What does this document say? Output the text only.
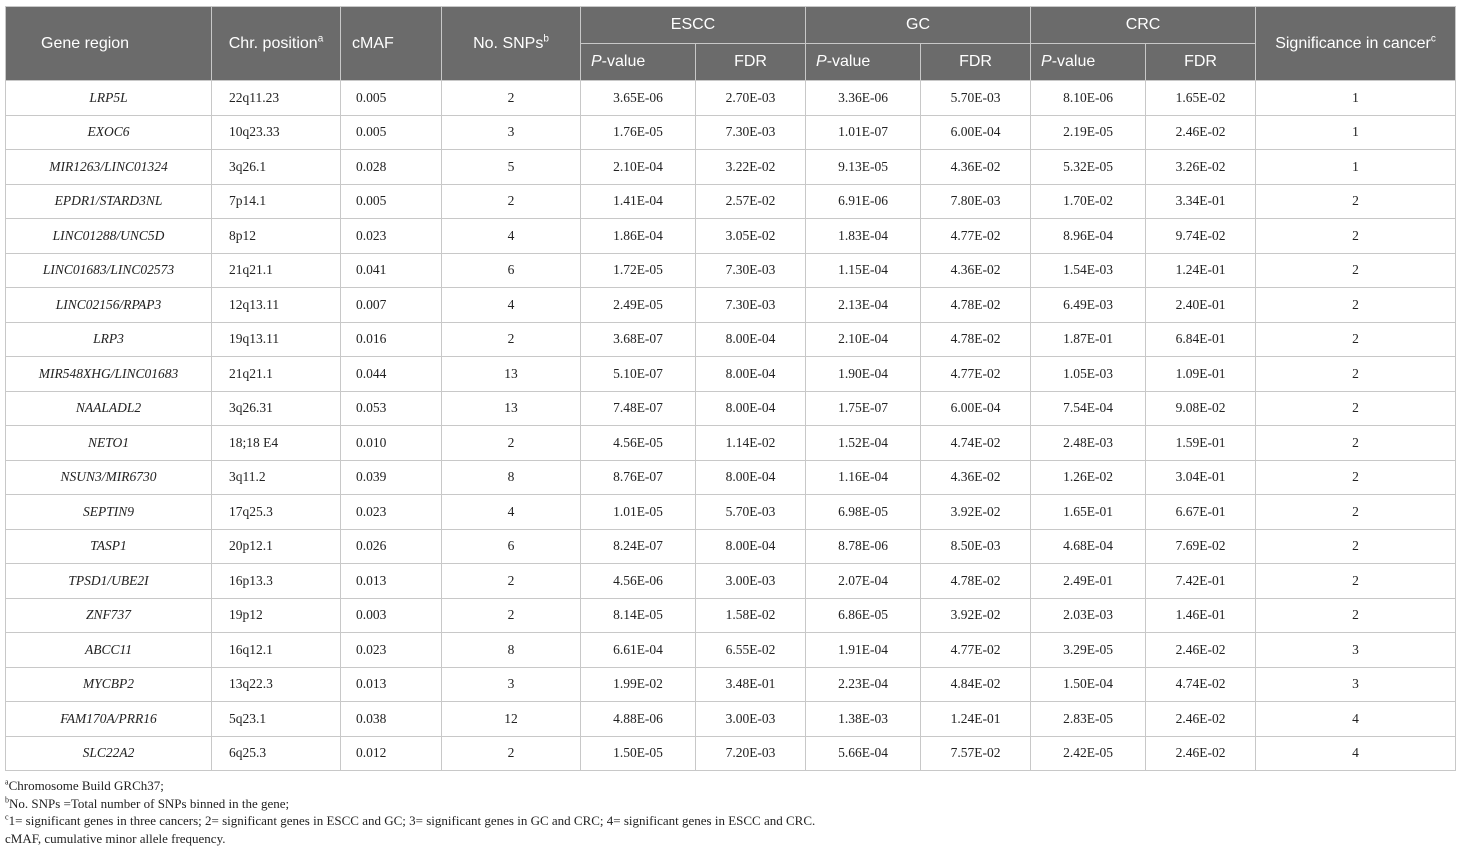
Gene region	Chr. position$^a$	cMAF	No. SNPs$^b$	ESCC		GC		CRC		Significance in cancer$^c$
				P-value	FDR	P-value	FDR	P-value	FDR	
LRP5L	22q11.23	0.005	2	3.65E-06	2.70E-03	3.36E-06	5.70E-03	8.10E-06	1.65E-02	1
EXOC6	10q23.33	0.005	3	1.76E-05	7.30E-03	1.01E-07	6.00E-04	2.19E-05	2.46E-02	1
MIR1263/LINC01324	3q26.1	0.028	5	2.10E-04	3.22E-02	9.13E-05	4.36E-02	5.32E-05	3.26E-02	1
EPDR1/STARD3NL	7p14.1	0.005	2	1.41E-04	2.57E-02	6.91E-06	7.80E-03	1.70E-02	3.34E-01	2
LINC01288/UNC5D	8p12	0.023	4	1.86E-04	3.05E-02	1.83E-04	4.77E-02	8.96E-04	9.74E-02	2
LINC01683/LINC02573	21q21.1	0.041	6	1.72E-05	7.30E-03	1.15E-04	4.36E-02	1.54E-03	1.24E-01	2
LINC02156/RPAP3	12q13.11	0.007	4	2.49E-05	7.30E-03	2.13E-04	4.78E-02	6.49E-03	2.40E-01	2
LRP3	19q13.11	0.016	2	3.68E-07	8.00E-04	2.10E-04	4.78E-02	1.87E-01	6.84E-01	2
MIR548XHG/LINC01683	21q21.1	0.044	13	5.10E-07	8.00E-04	1.90E-04	4.77E-02	1.05E-03	1.09E-01	2
NAALADL2	3q26.31	0.053	13	7.48E-07	8.00E-04	1.75E-07	6.00E-04	7.54E-04	9.08E-02	2
NETO1	18;18 E4	0.010	2	4.56E-05	1.14E-02	1.52E-04	4.74E-02	2.48E-03	1.59E-01	2
NSUN3/MIR6730	3q11.2	0.039	8	8.76E-07	8.00E-04	1.16E-04	4.36E-02	1.26E-02	3.04E-01	2
SEPTIN9	17q25.3	0.023	4	1.01E-05	5.70E-03	6.98E-05	3.92E-02	1.65E-01	6.67E-01	2
TASP1	20p12.1	0.026	6	8.24E-07	8.00E-04	8.78E-06	8.50E-03	4.68E-04	7.69E-02	2
TPSD1/UBE2I	16p13.3	0.013	2	4.56E-06	3.00E-03	2.07E-04	4.78E-02	2.49E-01	7.42E-01	2
ZNF737	19p12	0.003	2	8.14E-05	1.58E-02	6.86E-05	3.92E-02	2.03E-03	1.46E-01	2
ABCC11	16q12.1	0.023	8	6.61E-04	6.55E-02	1.91E-04	4.77E-02	3.29E-05	2.46E-02	3
MYCBP2	13q22.3	0.013	3	1.99E-02	3.48E-01	2.23E-04	4.84E-02	1.50E-04	4.74E-02	3
FAM170A/PRR16	5q23.1	0.038	12	4.88E-06	3.00E-03	1.38E-03	1.24E-01	2.83E-05	2.46E-02	4
SLC22A2	6q25.3	0.012	2	1.50E-05	7.20E-03	5.66E-04	7.57E-02	2.42E-05	2.46E-02	4
$^a$Chromosome Build GRCh37;
$^b$No. SNPs =Total number of SNPs binned in the gene;
$^c$1= significant genes in three cancers; 2= significant genes in ESCC and GC; 3= significant genes in GC and CRC; 4= significant genes in ESCC and CRC.
cMAF, cumulative minor allele frequency.
